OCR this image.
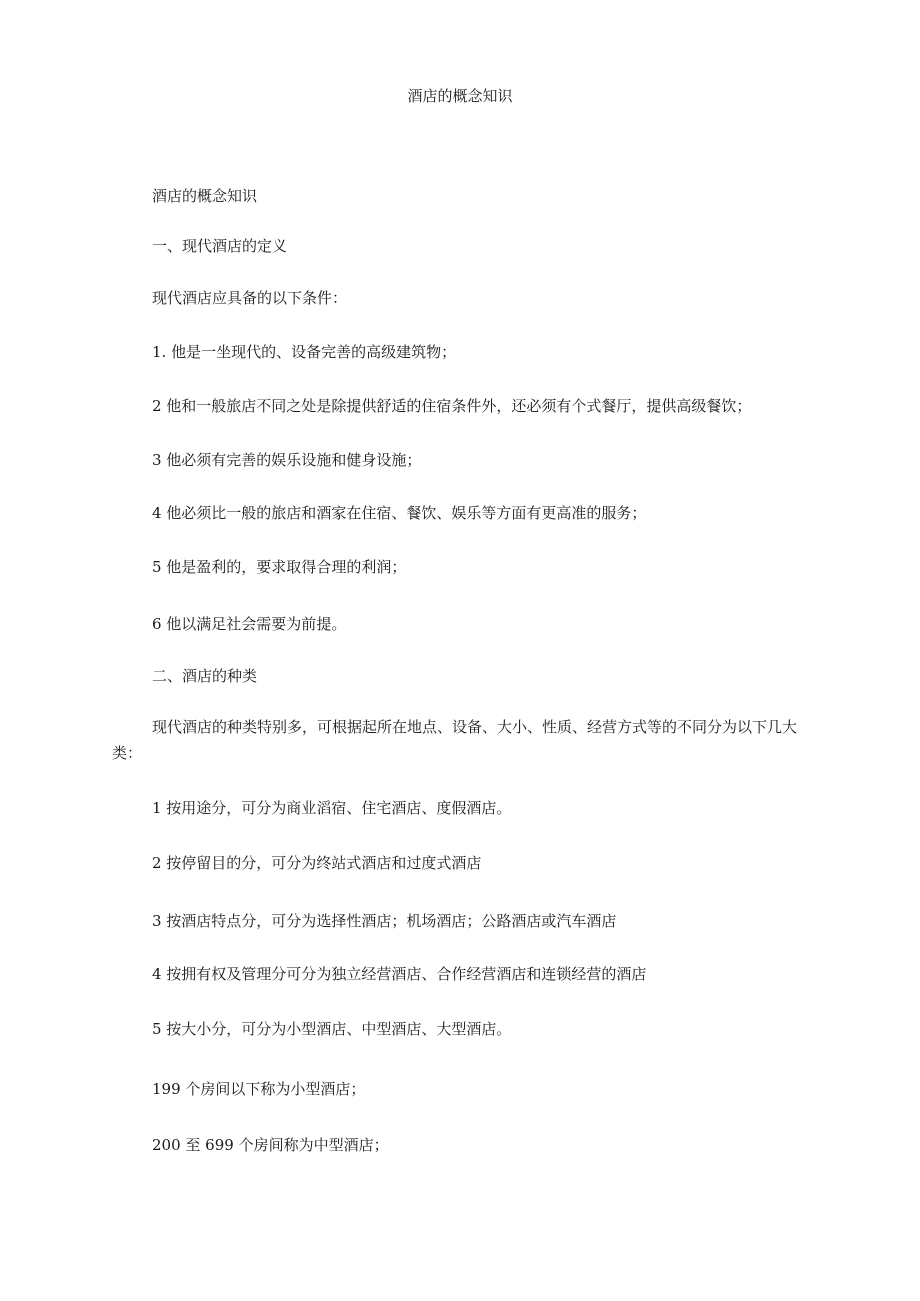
酒店的概念知识
酒店的概念知识
一、现代酒店的定义
现代酒店应具备的以下条件：
1. 他是一坐现代的、设备完善的高级建筑物；
2 他和一般旅店不同之处是除提供舒适的住宿条件外，还必须有个式餐厅，提供高级餐饮；
3 他必须有完善的娱乐设施和健身设施；
4 他必须比一般的旅店和酒家在住宿、餐饮、娱乐等方面有更高准的服务；
5 他是盈利的，要求取得合理的利润；
6 他以满足社会需要为前提。
二、酒店的种类
现代酒店的种类特别多，可根据起所在地点、设备、大小、性质、经营方式等的不同分为以下几大类：
1 按用途分，可分为商业滔宿、住宅酒店、度假酒店。
2 按停留目的分，可分为终站式酒店和过度式酒店
3 按酒店特点分，可分为选择性酒店；机场酒店；公路酒店或汽车酒店
4 按拥有权及管理分可分为独立经营酒店、合作经营酒店和连锁经营的酒店
5 按大小分，可分为小型酒店、中型酒店、大型酒店。
199 个房间以下称为小型酒店；
200 至 699 个房间称为中型酒店；
